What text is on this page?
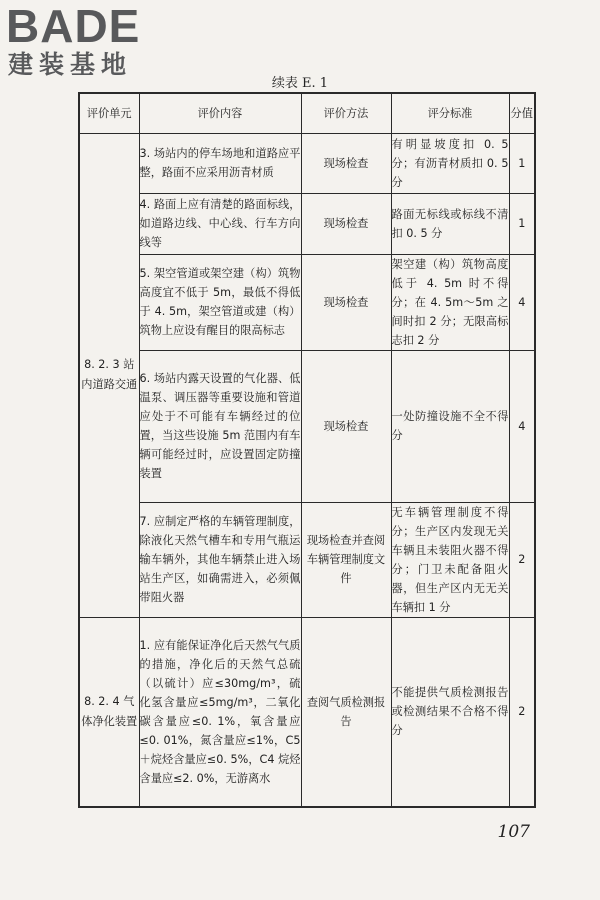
BADE
建装基地
续表 E. 1
评价单元	评价内容	评价方法	评分标准	分值
8. 2. 3 站内道路交通	3. 场站内的停车场地和道路应平整，路面不应采用沥青材质	现场检查	有明显坡度扣 0. 5 分；有沥青材质扣 0. 5 分	1
	4. 路面上应有清楚的路面标线，如道路边线、中心线、行车方向线等	现场检查	路面无标线或标线不清扣 0. 5 分	1
	5. 架空管道或架空建（构）筑物高度宜不低于 5m，最低不得低于 4. 5m，架空管道或建（构）筑物上应设有醒目的限高标志	现场检查	架空建（构）筑物高度低于 4. 5m 时不得分；在 4. 5m～5m 之间时扣 2 分；无限高标志扣 2 分	4
	6. 场站内露天设置的气化器、低温泵、调压器等重要设施和管道应处于不可能有车辆经过的位置，当这些设施 5m 范围内有车辆可能经过时，应设置固定防撞装置	现场检查	一处防撞设施不全不得分	4
	7. 应制定严格的车辆管理制度，除液化天然气槽车和专用气瓶运输车辆外，其他车辆禁止进入场站生产区，如确需进入，必须佩带阻火器	现场检查并查阅车辆管理制度文件	无车辆管理制度不得分；生产区内发现无关车辆且未装阻火器不得分；门卫未配备阻火器，但生产区内无无关车辆扣 1 分	2
8. 2. 4 气体净化装置	1. 应有能保证净化后天然气气质的措施，净化后的天然气总硫（以硫计）应≤30mg/m³，硫化氢含量应≤5mg/m³，二氧化碳含量应≤0. 1%，氧含量应≤0. 01%，氮含量应≤1%，C5＋烷烃含量应≤0. 5%，C4 烷烃含量应≤2. 0%，无游离水	查阅气质检测报告	不能提供气质检测报告或检测结果不合格不得分	2
107
